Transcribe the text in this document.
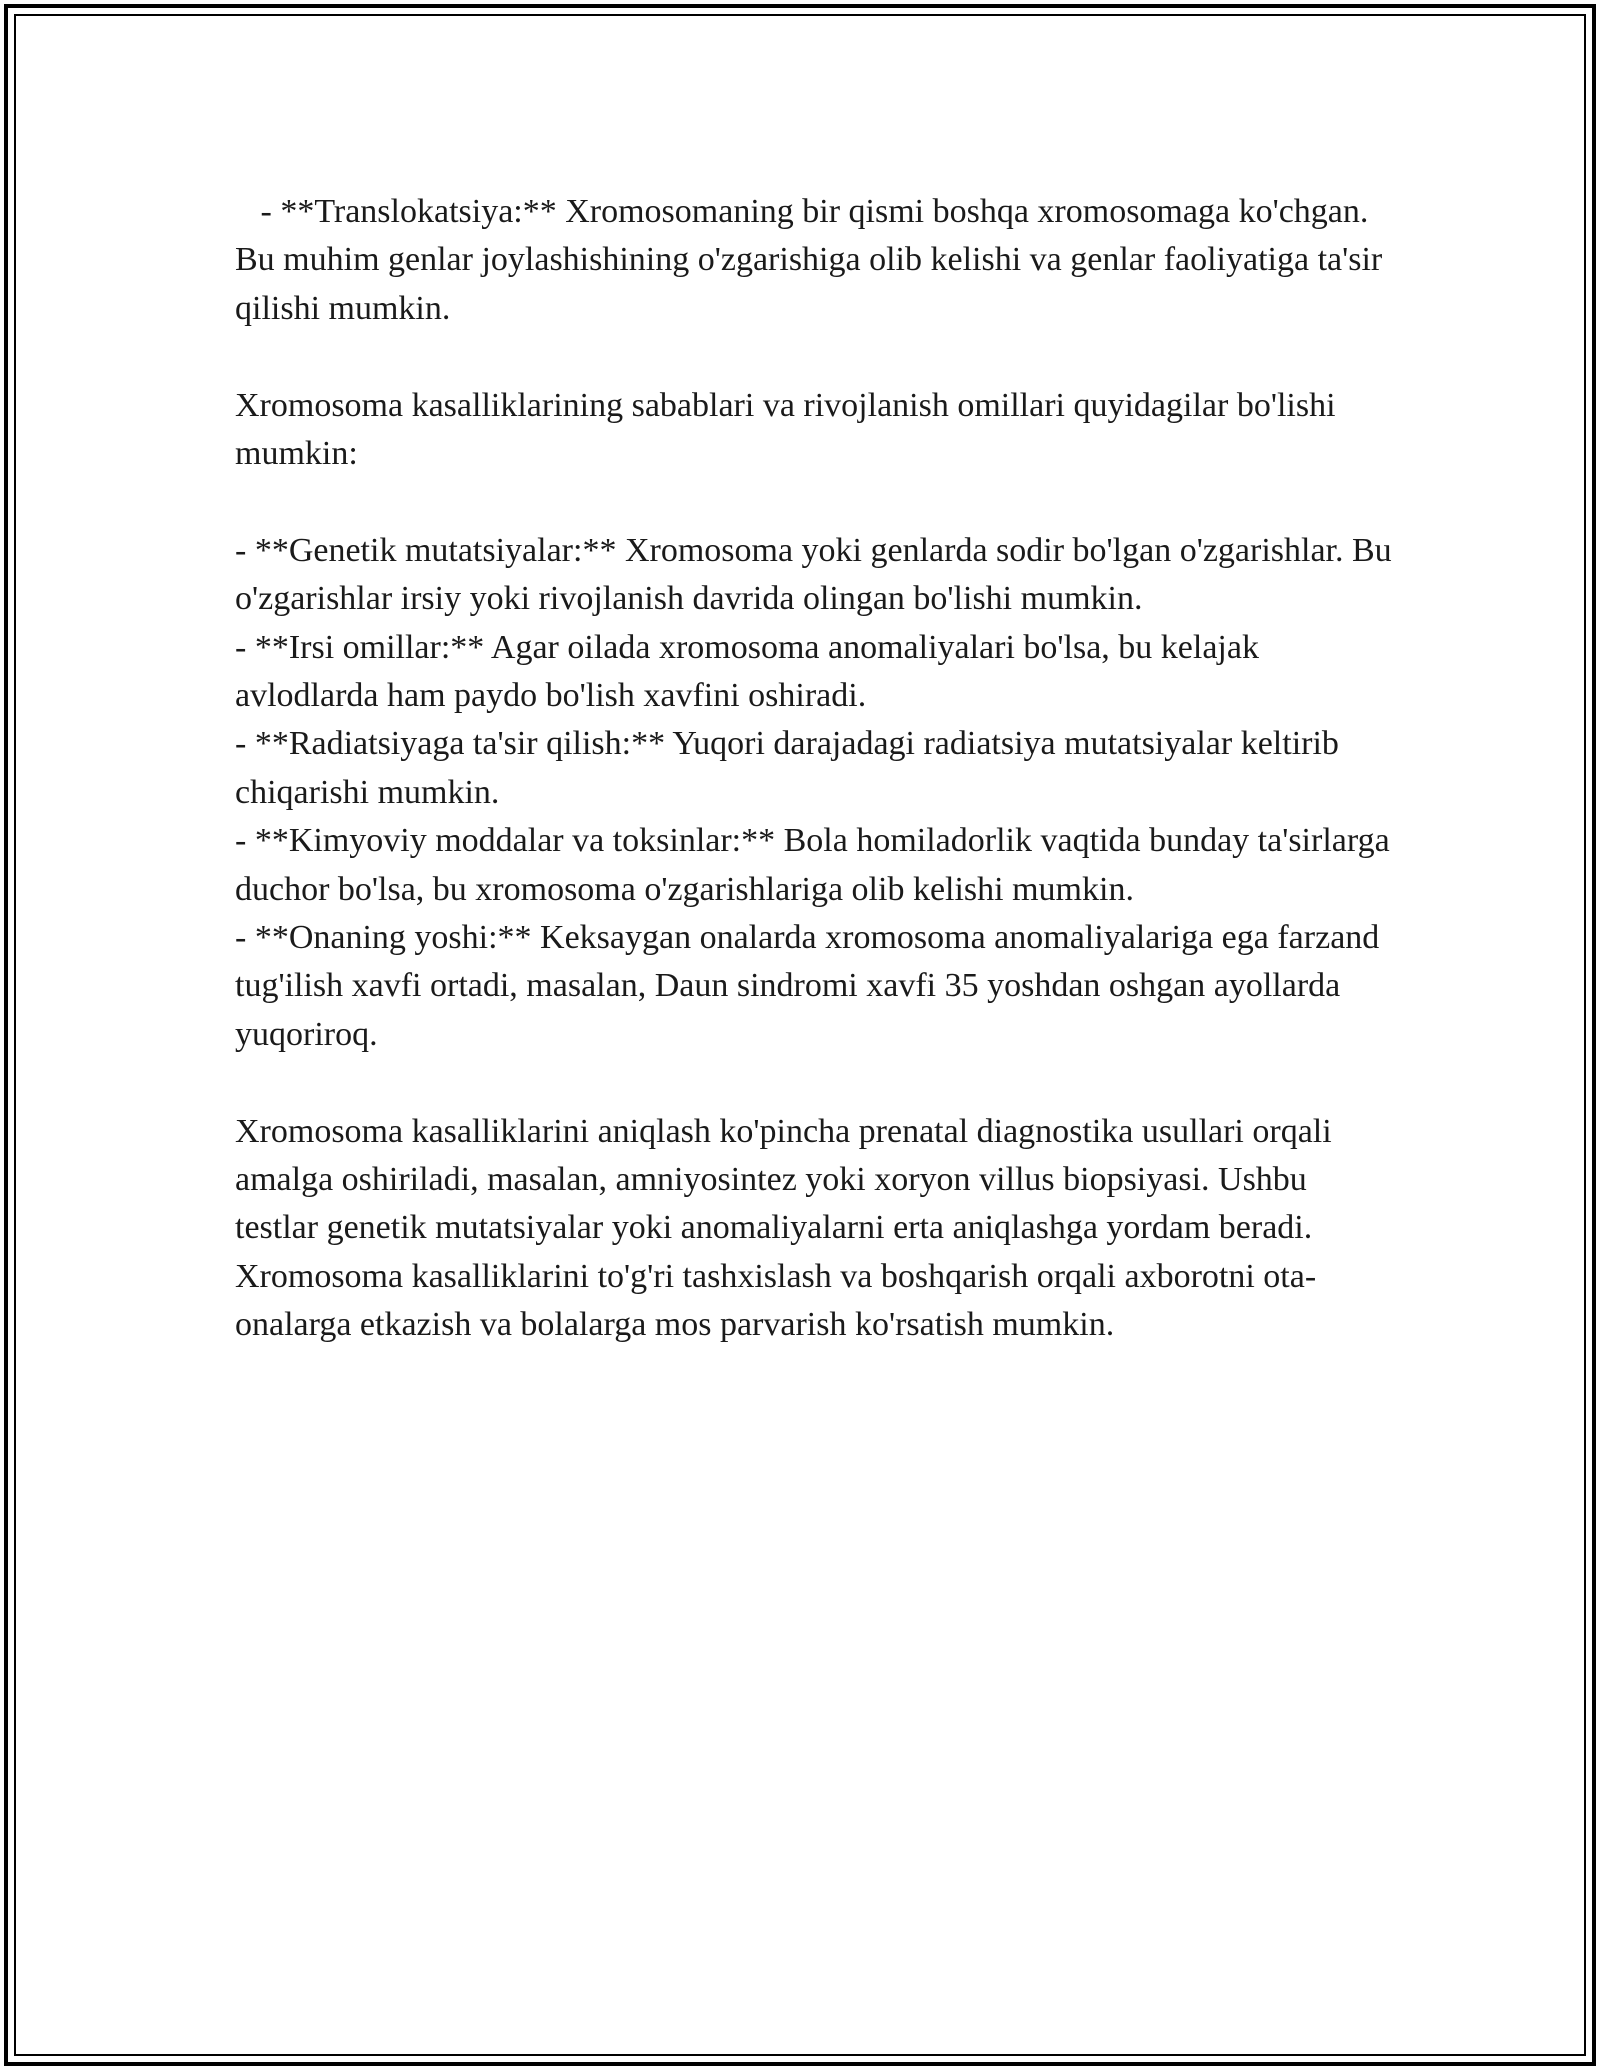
- **Translokatsiya:** Xromosomaning bir qismi boshqa xromosomaga ko'chgan. Bu muhim genlar joylashishining o'zgarishiga olib kelishi va genlar faoliyatiga ta'sir qilishi mumkin.

Xromosoma kasalliklarining sabablari va rivojlanish omillari quyidagilar bo'lishi mumkin:

- **Genetik mutatsiyalar:** Xromosoma yoki genlarda sodir bo'lgan o'zgarishlar. Bu o'zgarishlar irsiy yoki rivojlanish davrida olingan bo'lishi mumkin.
- **Irsi omillar:** Agar oilada xromosoma anomaliyalari bo'lsa, bu kelajak avlodlarda ham paydo bo'lish xavfini oshiradi.
- **Radiatsiyaga ta'sir qilish:** Yuqori darajadagi radiatsiya mutatsiyalar keltirib chiqarishi mumkin.
- **Kimyoviy moddalar va toksinlar:** Bola homiladorlik vaqtida bunday ta'sirlarga duchor bo'lsa, bu xromosoma o'zgarishlariga olib kelishi mumkin.
- **Onaning yoshi:** Keksaygan onalarda xromosoma anomaliyalariga ega farzand tug'ilish xavfi ortadi, masalan, Daun sindromi xavfi 35 yoshdan oshgan ayollarda yuqoriroq.

Xromosoma kasalliklarini aniqlash ko'pincha prenatal diagnostika usullari orqali amalga oshiriladi, masalan, amniyosintez yoki xoryon villus biopsiyasi. Ushbu testlar genetik mutatsiyalar yoki anomaliyalarni erta aniqlashga yordam beradi. Xromosoma kasalliklarini to'g'ri tashxislash va boshqarish orqali axborotni ota-onalarga etkazish va bolalarga mos parvarish ko'rsatish mumkin.
